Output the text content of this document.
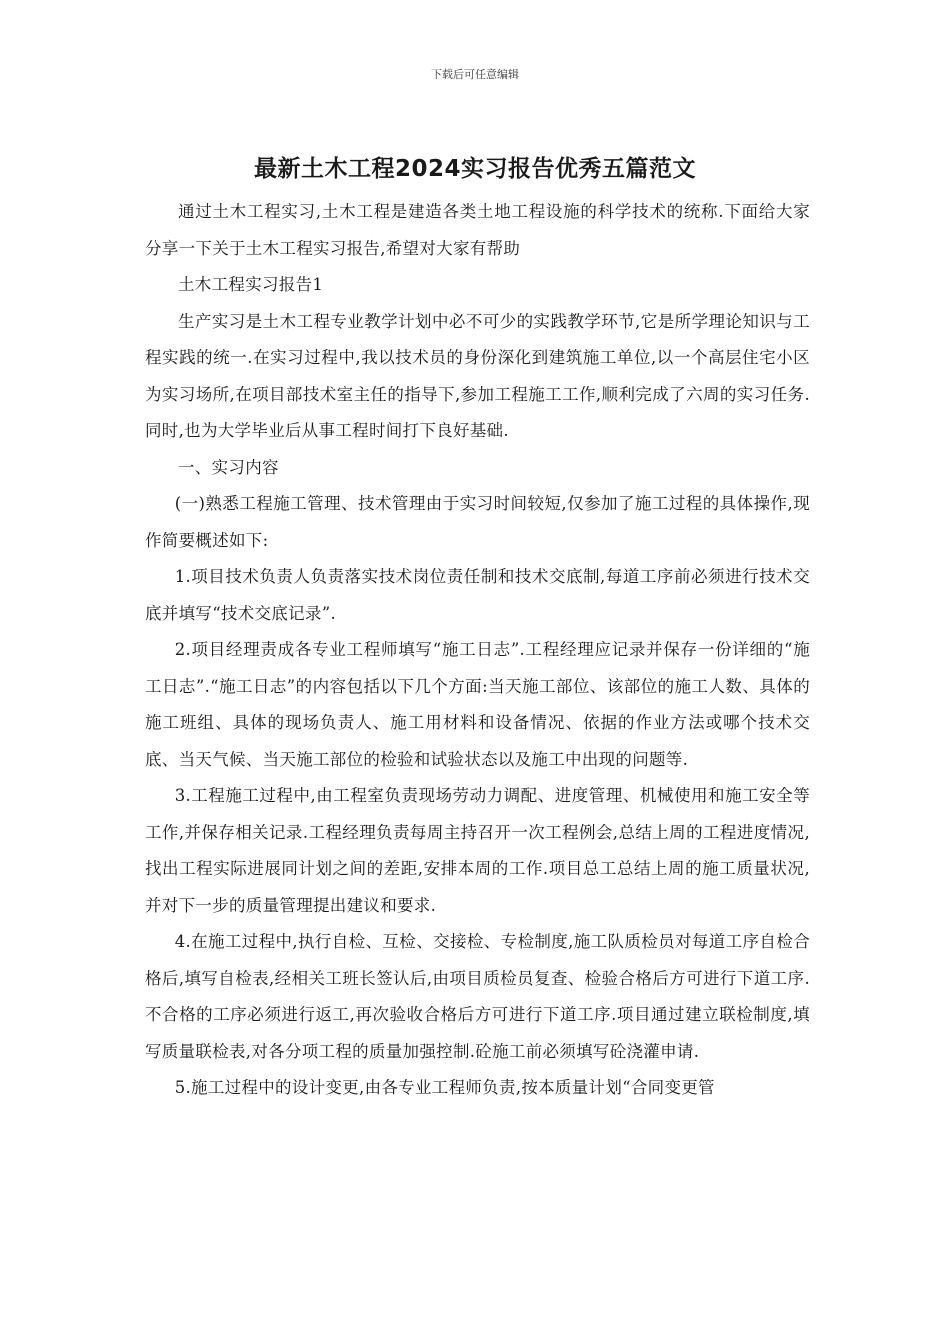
下载后可任意编辑
最新土木工程2024实习报告优秀五篇范文

通过土木工程实习,土木工程是建造各类土地工程设施的科学技术的统称.下面给大家分享一下关于土木工程实习报告,希望对大家有帮助

土木工程实习报告1

生产实习是土木工程专业教学计划中必不可少的实践教学环节,它是所学理论知识与工程实践的统一.在实习过程中,我以技术员的身份深化到建筑施工单位,以一个高层住宅小区为实习场所,在项目部技术室主任的指导下,参加工程施工工作,顺利完成了六周的实习任务.同时,也为大学毕业后从事工程时间打下良好基础.

一、实习内容

(一)熟悉工程施工管理、技术管理由于实习时间较短,仅参加了施工过程的具体操作,现作简要概述如下:

1.项目技术负责人负责落实技术岗位责任制和技术交底制,每道工序前必须进行技术交底并填写“技术交底记录”.

2.项目经理责成各专业工程师填写“施工日志”.工程经理应记录并保存一份详细的“施工日志”.“施工日志”的内容包括以下几个方面:当天施工部位、该部位的施工人数、具体的施工班组、具体的现场负责人、施工用材料和设备情况、依据的作业方法或哪个技术交底、当天气候、当天施工部位的检验和试验状态以及施工中出现的问题等.

3.工程施工过程中,由工程室负责现场劳动力调配、进度管理、机械使用和施工安全等工作,并保存相关记录.工程经理负责每周主持召开一次工程例会,总结上周的工程进度情况,找出工程实际进展同计划之间的差距,安排本周的工作.项目总工总结上周的施工质量状况,并对下一步的质量管理提出建议和要求.

4.在施工过程中,执行自检、互检、交接检、专检制度,施工队质检员对每道工序自检合格后,填写自检表,经相关工班长签认后,由项目质检员复查、检验合格后方可进行下道工序.不合格的工序必须进行返工,再次验收合格后方可进行下道工序.项目通过建立联检制度,填写质量联检表,对各分项工程的质量加强控制.砼施工前必须填写砼浇灌申请.

5.施工过程中的设计变更,由各专业工程师负责,按本质量计划“合同变更管
